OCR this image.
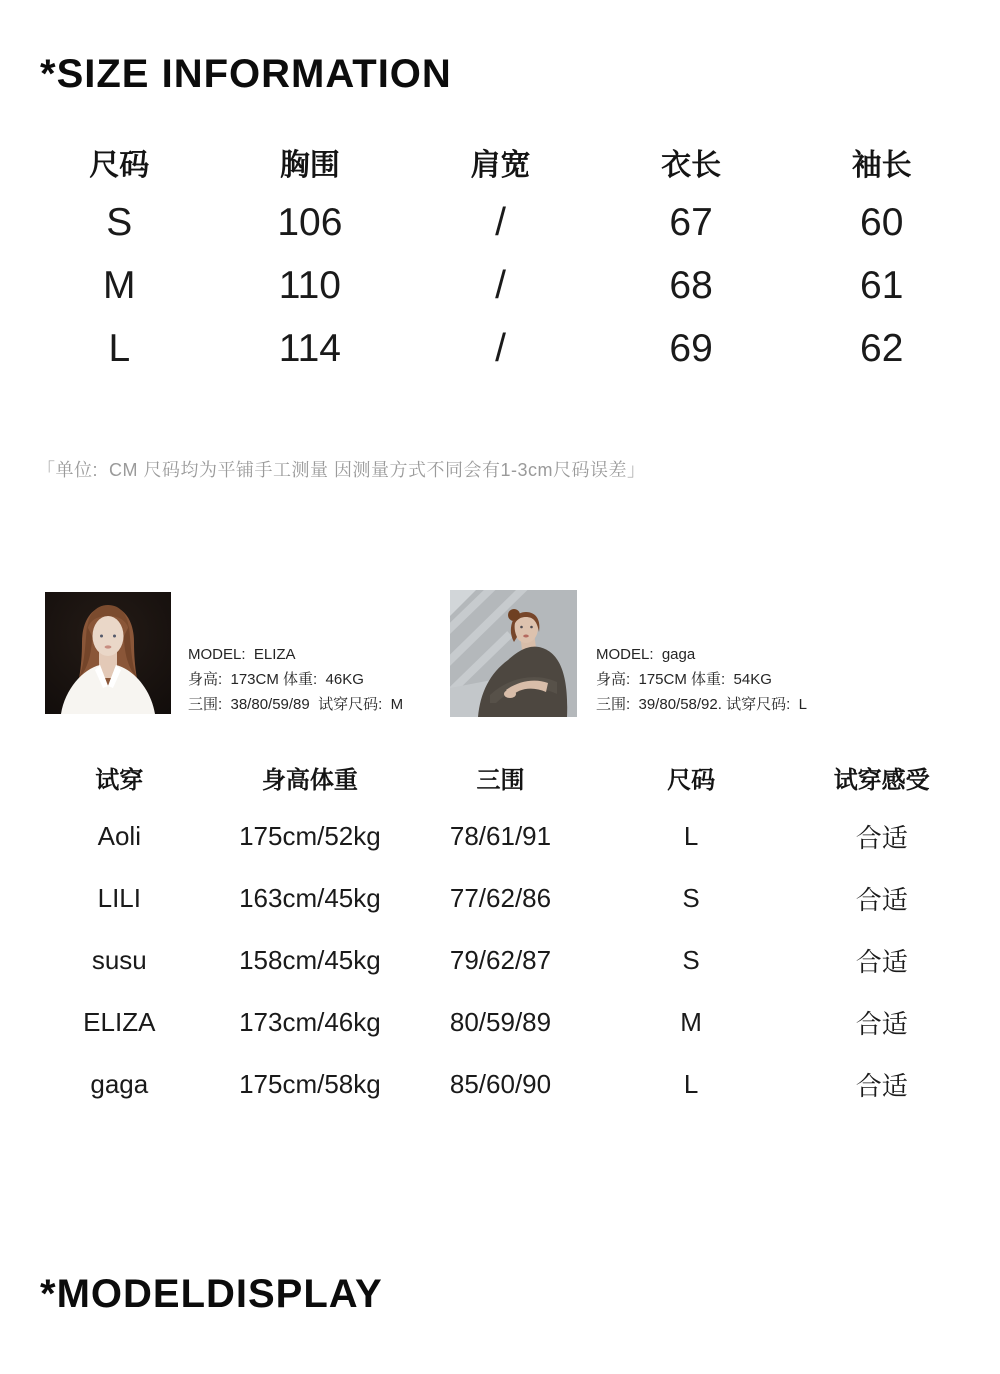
*SIZE INFORMATION
尺码	胸围	肩宽	衣长	袖长
S	106	/	67	60
M	110	/	68	61
L	114	/	69	62
「单位:  CM 尺码均为平铺手工测量 因测量方式不同会有1-3cm尺码误差」
MODEL:  ELIZA
身高:  173CM 体重:  46KG
三围:  38/80/59/89  试穿尺码:  M
MODEL:  gaga
身高:  175CM 体重:  54KG
三围:  39/80/58/92. 试穿尺码:  L
试穿	身高体重	三围	尺码	试穿感受
Aoli	175cm/52kg	78/61/91	L	合适
LILI	163cm/45kg	77/62/86	S	合适
susu	158cm/45kg	79/62/87	S	合适
ELIZA	173cm/46kg	80/59/89	M	合适
gaga	175cm/58kg	85/60/90	L	合适
*MODELDISPLAY
